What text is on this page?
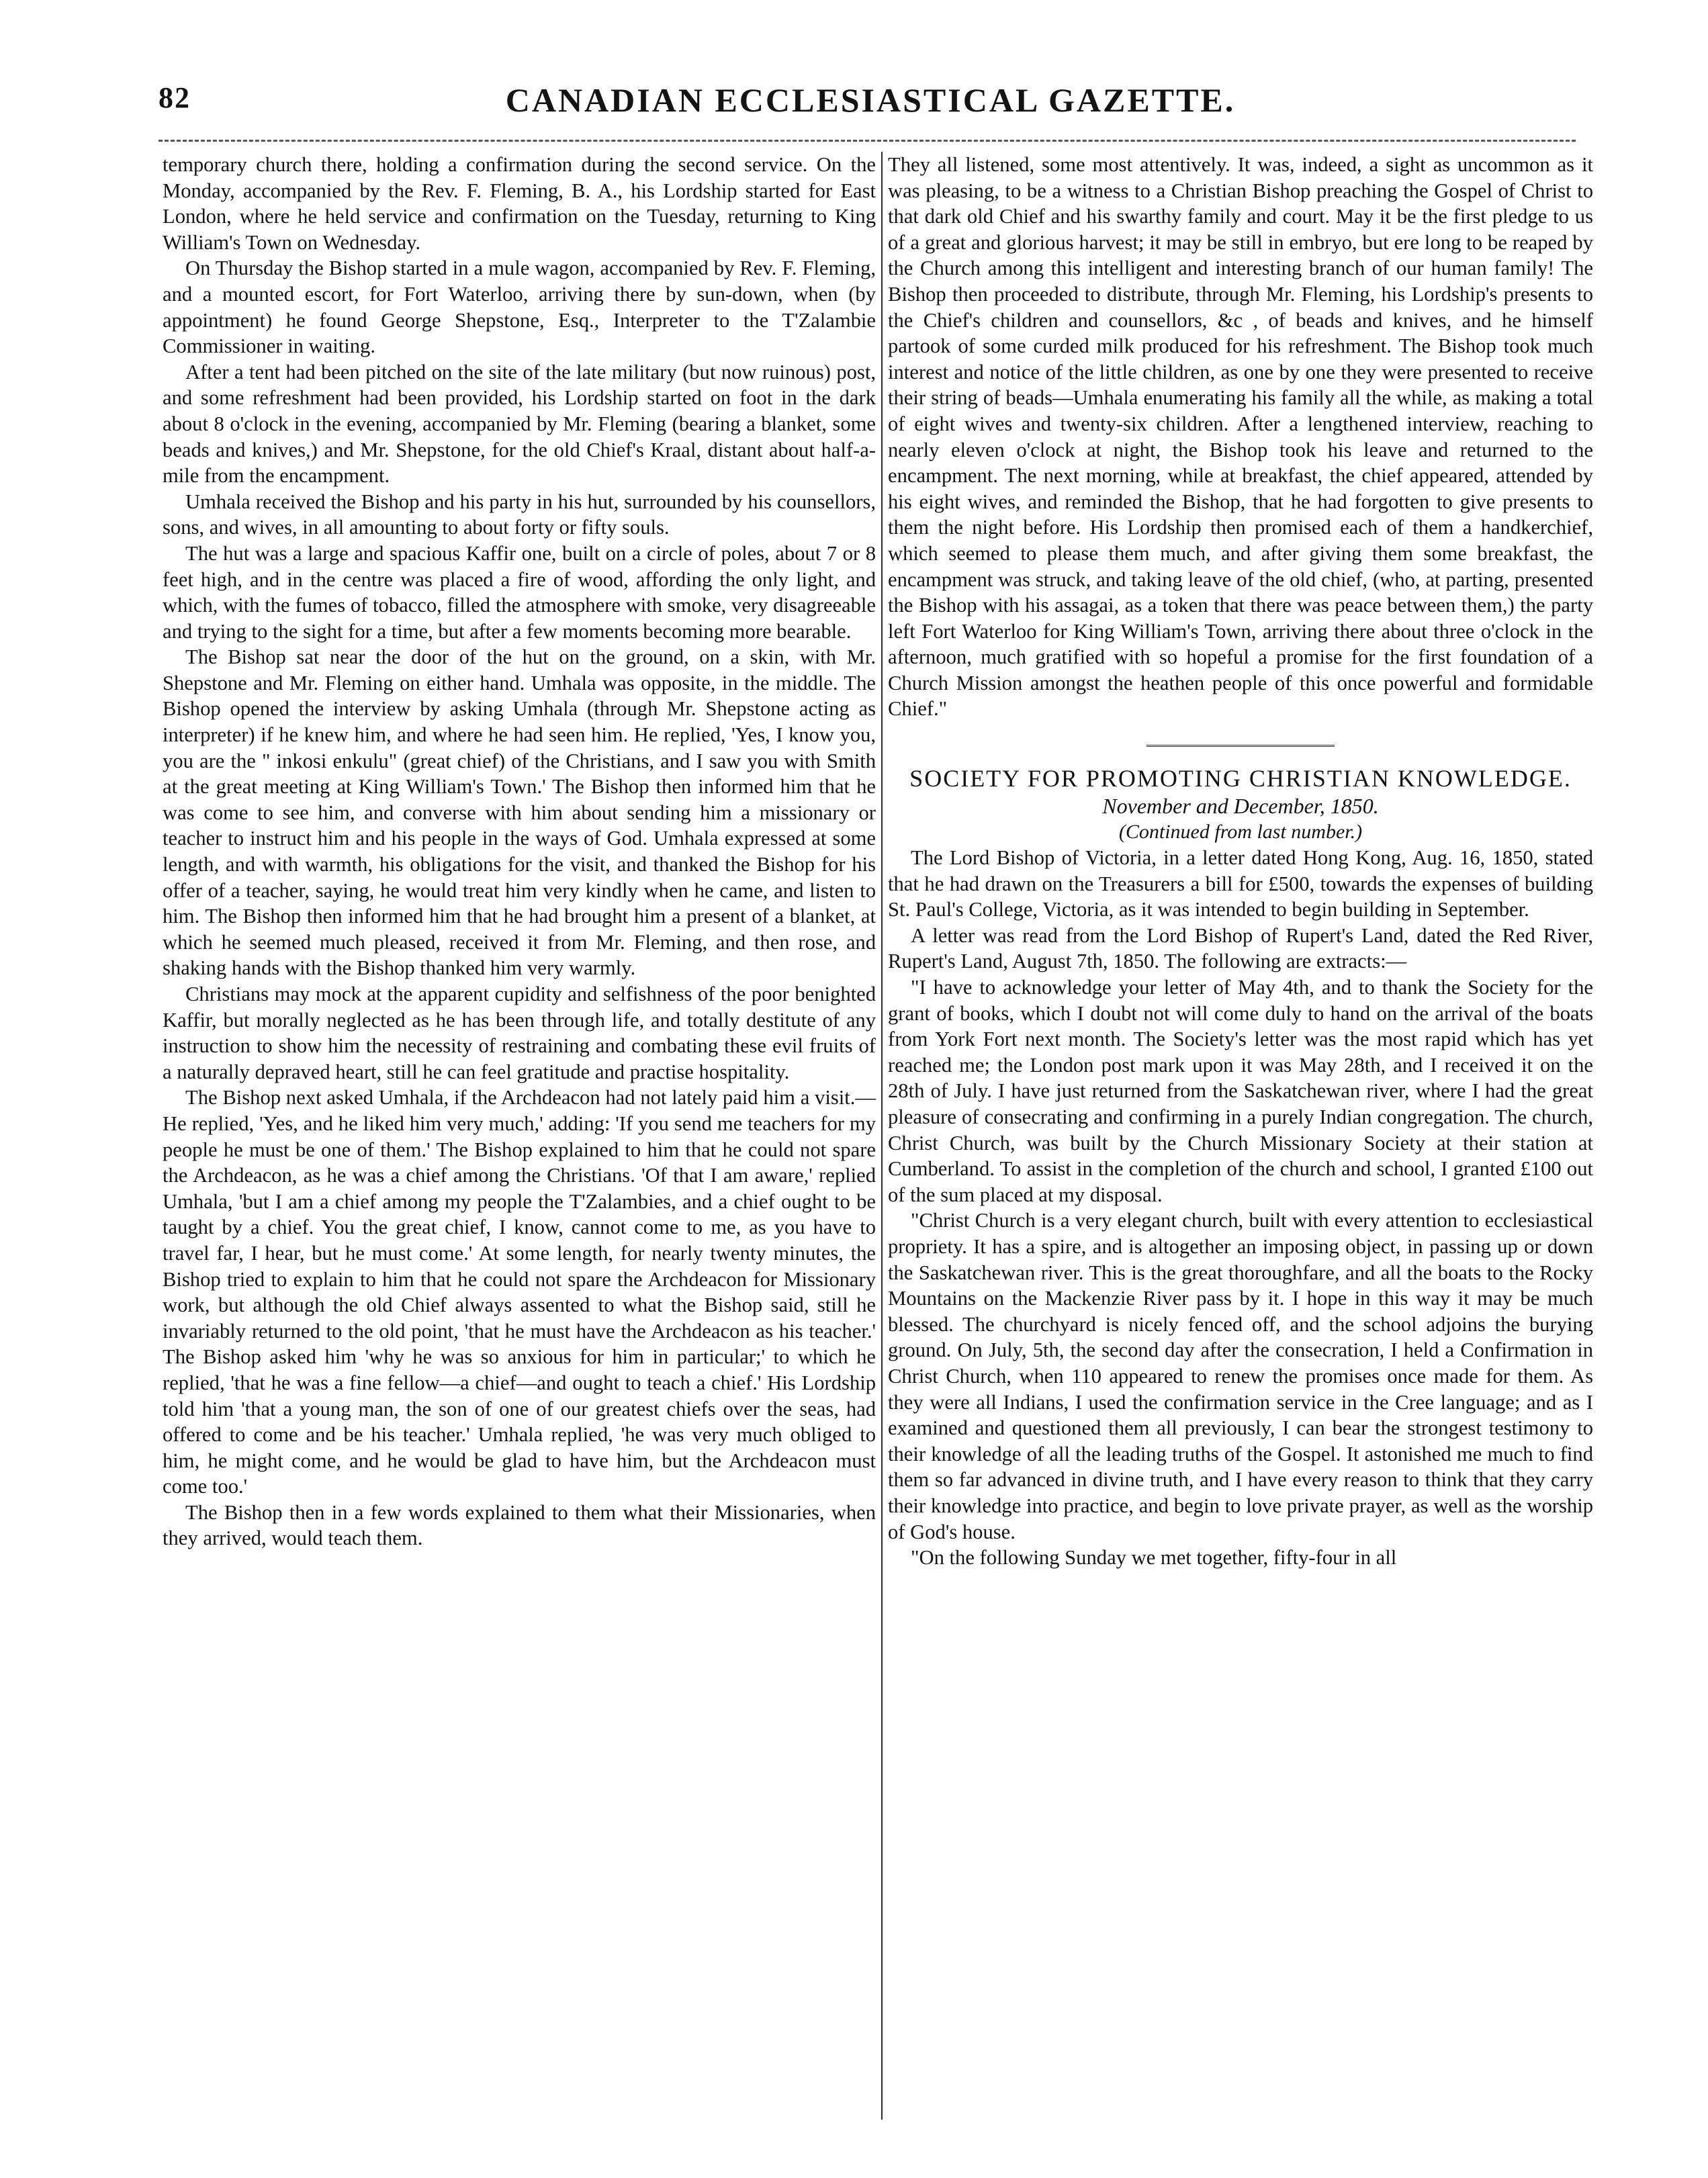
82	CANADIAN ECCLESIASTICAL GAZETTE.

temporary church there, holding a confirmation during the second service. On the Monday, accompanied by the Rev. F. Fleming, B. A., his Lordship started for East London, where he held service and confirmation on the Tuesday, returning to King William's Town on Wednesday.

On Thursday the Bishop started in a mule wagon, accompanied by Rev. F. Fleming, and a mounted escort, for Fort Waterloo, arriving there by sun-down, when (by appointment) he found George Shepstone, Esq., Interpreter to the T'Zalambie Commissioner in waiting.

After a tent had been pitched on the site of the late military (but now ruinous) post, and some refreshment had been provided, his Lordship started on foot in the dark about 8 o'clock in the evening, accompanied by Mr. Fleming (bearing a blanket, some beads and knives,) and Mr. Shepstone, for the old Chief's Kraal, distant about half-a-mile from the encampment.

Umhala received the Bishop and his party in his hut, surrounded by his counsellors, sons, and wives, in all amounting to about forty or fifty souls.

The hut was a large and spacious Kaffir one, built on a circle of poles, about 7 or 8 feet high, and in the centre was placed a fire of wood, affording the only light, and which, with the fumes of tobacco, filled the atmosphere with smoke, very disagreeable and trying to the sight for a time, but after a few moments becoming more bearable.

The Bishop sat near the door of the hut on the ground, on a skin, with Mr. Shepstone and Mr. Fleming on either hand. Umhala was opposite, in the middle. The Bishop opened the interview by asking Umhala (through Mr. Shepstone acting as interpreter) if he knew him, and where he had seen him. He replied, 'Yes, I know you, you are the " inkosi enkulu" (great chief) of the Christians, and I saw you with Smith at the great meeting at King William's Town.' The Bishop then informed him that he was come to see him, and converse with him about sending him a missionary or teacher to instruct him and his people in the ways of God. Umhala expressed at some length, and with warmth, his obligations for the visit, and thanked the Bishop for his offer of a teacher, saying, he would treat him very kindly when he came, and listen to him. The Bishop then informed him that he had brought him a present of a blanket, at which he seemed much pleased, received it from Mr. Fleming, and then rose, and shaking hands with the Bishop thanked him very warmly.

Christians may mock at the apparent cupidity and selfishness of the poor benighted Kaffir, but morally neglected as he has been through life, and totally destitute of any instruction to show him the necessity of restraining and combating these evil fruits of a naturally depraved heart, still he can feel gratitude and practise hospitality.

The Bishop next asked Umhala, if the Archdeacon had not lately paid him a visit.—He replied, 'Yes, and he liked him very much,' adding: 'If you send me teachers for my people he must be one of them.' The Bishop explained to him that he could not spare the Archdeacon, as he was a chief among the Christians. 'Of that I am aware,' replied Umhala, 'but I am a chief among my people the T'Zalambies, and a chief ought to be taught by a chief. You the great chief, I know, cannot come to me, as you have to travel far, I hear, but he must come.' At some length, for nearly twenty minutes, the Bishop tried to explain to him that he could not spare the Archdeacon for Missionary work, but although the old Chief always assented to what the Bishop said, still he invariably returned to the old point, 'that he must have the Archdeacon as his teacher.' The Bishop asked him 'why he was so anxious for him in particular;' to which he replied, 'that he was a fine fellow—a chief—and ought to teach a chief.' His Lordship told him 'that a young man, the son of one of our greatest chiefs over the seas, had offered to come and be his teacher.' Umhala replied, 'he was very much obliged to him, he might come, and he would be glad to have him, but the Archdeacon must come too.'

The Bishop then in a few words explained to them what their Missionaries, when they arrived, would teach them.

They all listened, some most attentively. It was, indeed, a sight as uncommon as it was pleasing, to be a witness to a Christian Bishop preaching the Gospel of Christ to that dark old Chief and his swarthy family and court. May it be the first pledge to us of a great and glorious harvest; it may be still in embryo, but ere long to be reaped by the Church among this intelligent and interesting branch of our human family! The Bishop then proceeded to distribute, through Mr. Fleming, his Lordship's presents to the Chief's children and counsellors, &c , of beads and knives, and he himself partook of some curded milk produced for his refreshment. The Bishop took much interest and notice of the little children, as one by one they were presented to receive their string of beads—Umhala enumerating his family all the while, as making a total of eight wives and twenty-six children. After a lengthened interview, reaching to nearly eleven o'clock at night, the Bishop took his leave and returned to the encampment. The next morning, while at breakfast, the chief appeared, attended by his eight wives, and reminded the Bishop, that he had forgotten to give presents to them the night before. His Lordship then promised each of them a handkerchief, which seemed to please them much, and after giving them some breakfast, the encampment was struck, and taking leave of the old chief, (who, at parting, presented the Bishop with his assagai, as a token that there was peace between them,) the party left Fort Waterloo for King William's Town, arriving there about three o'clock in the afternoon, much gratified with so hopeful a promise for the first foundation of a Church Mission amongst the heathen people of this once powerful and formidable Chief."

SOCIETY FOR PROMOTING CHRISTIAN KNOWLEDGE.
November and December, 1850.
(Continued from last number.)

The Lord Bishop of Victoria, in a letter dated Hong Kong, Aug. 16, 1850, stated that he had drawn on the Treasurers a bill for £500, towards the expenses of building St. Paul's College, Victoria, as it was intended to begin building in September.

A letter was read from the Lord Bishop of Rupert's Land, dated the Red River, Rupert's Land, August 7th, 1850. The following are extracts:—

"I have to acknowledge your letter of May 4th, and to thank the Society for the grant of books, which I doubt not will come duly to hand on the arrival of the boats from York Fort next month. The Society's letter was the most rapid which has yet reached me; the London post mark upon it was May 28th, and I received it on the 28th of July. I have just returned from the Saskatchewan river, where I had the great pleasure of consecrating and confirming in a purely Indian congregation. The church, Christ Church, was built by the Church Missionary Society at their station at Cumberland. To assist in the completion of the church and school, I granted £100 out of the sum placed at my disposal.

"Christ Church is a very elegant church, built with every attention to ecclesiastical propriety. It has a spire, and is altogether an imposing object, in passing up or down the Saskatchewan river. This is the great thoroughfare, and all the boats to the Rocky Mountains on the Mackenzie River pass by it. I hope in this way it may be much blessed. The churchyard is nicely fenced off, and the school adjoins the burying ground. On July, 5th, the second day after the consecration, I held a Confirmation in Christ Church, when 110 appeared to renew the promises once made for them. As they were all Indians, I used the confirmation service in the Cree language; and as I examined and questioned them all previously, I can bear the strongest testimony to their knowledge of all the leading truths of the Gospel. It astonished me much to find them so far advanced in divine truth, and I have every reason to think that they carry their knowledge into practice, and begin to love private prayer, as well as the worship of God's house.

"On the following Sunday we met together, fifty-four in all
